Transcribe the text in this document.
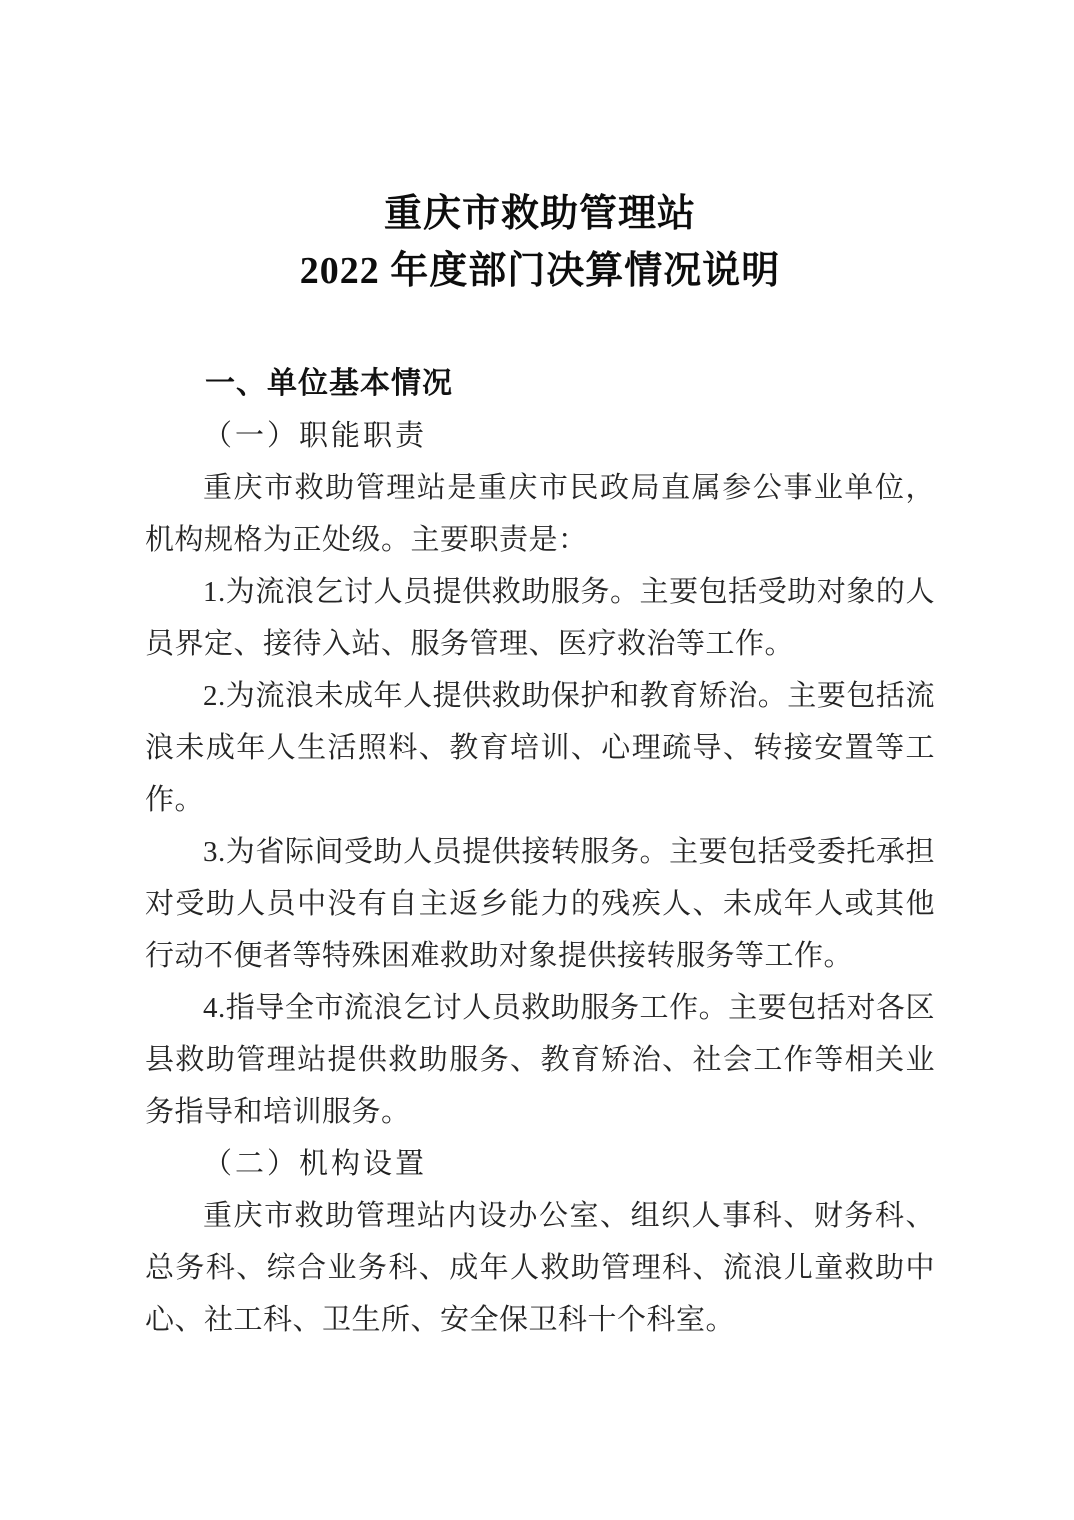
重庆市救助管理站
2022 年度部门决算情况说明
一、单位基本情况
（一）职能职责
重庆市救助管理站是重庆市民政局直属参公事业单位，机构规格为正处级。主要职责是：
1.为流浪乞讨人员提供救助服务。主要包括受助对象的人员界定、接待入站、服务管理、医疗救治等工作。
2.为流浪未成年人提供救助保护和教育矫治。主要包括流浪未成年人生活照料、教育培训、心理疏导、转接安置等工作。
3.为省际间受助人员提供接转服务。主要包括受委托承担对受助人员中没有自主返乡能力的残疾人、未成年人或其他行动不便者等特殊困难救助对象提供接转服务等工作。
4.指导全市流浪乞讨人员救助服务工作。主要包括对各区县救助管理站提供救助服务、教育矫治、社会工作等相关业务指导和培训服务。
（二）机构设置
重庆市救助管理站内设办公室、组织人事科、财务科、总务科、综合业务科、成年人救助管理科、流浪儿童救助中心、社工科、卫生所、安全保卫科十个科室。
